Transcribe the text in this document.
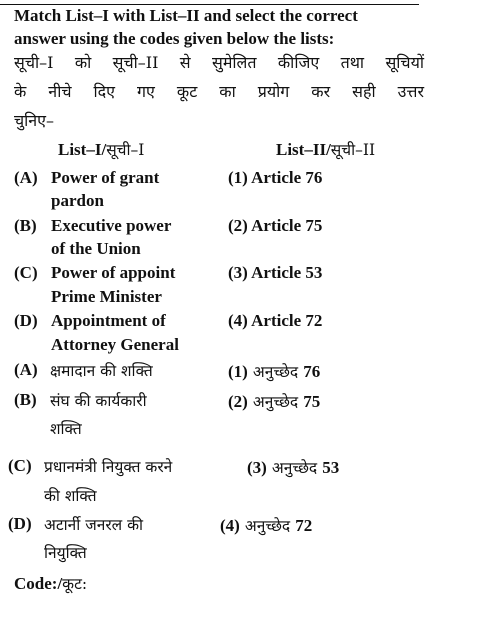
Match List–I with List–II and select the correct
answer using the codes given below the lists:
सूची–I को सूची–II से सुमेलित कीजिए तथा सूचियों
के नीचे दिए गए कूट का प्रयोग कर सही उत्तर
चुनिए–
List–I/सूची–I	List–II/सूची–II
(A) Power of grant
pardon
(B) Executive power
of the Union
(C) Power of appoint
Prime Minister
(D) Appointment of
Attorney General
(1) Article 76
(2) Article 75
(3) Article 53
(4) Article 72
(A) क्षमादान की शक्ति
(B) संघ की कार्यकारी
शक्ति
(C) प्रधानमंत्री नियुक्त करने
की शक्ति
(D) अटार्नी जनरल की
नियुक्ति
(1) अनुच्छेद 76
(2) अनुच्छेद 75
(3) अनुच्छेद 53
(4) अनुच्छेद 72
Code:/कूट:
